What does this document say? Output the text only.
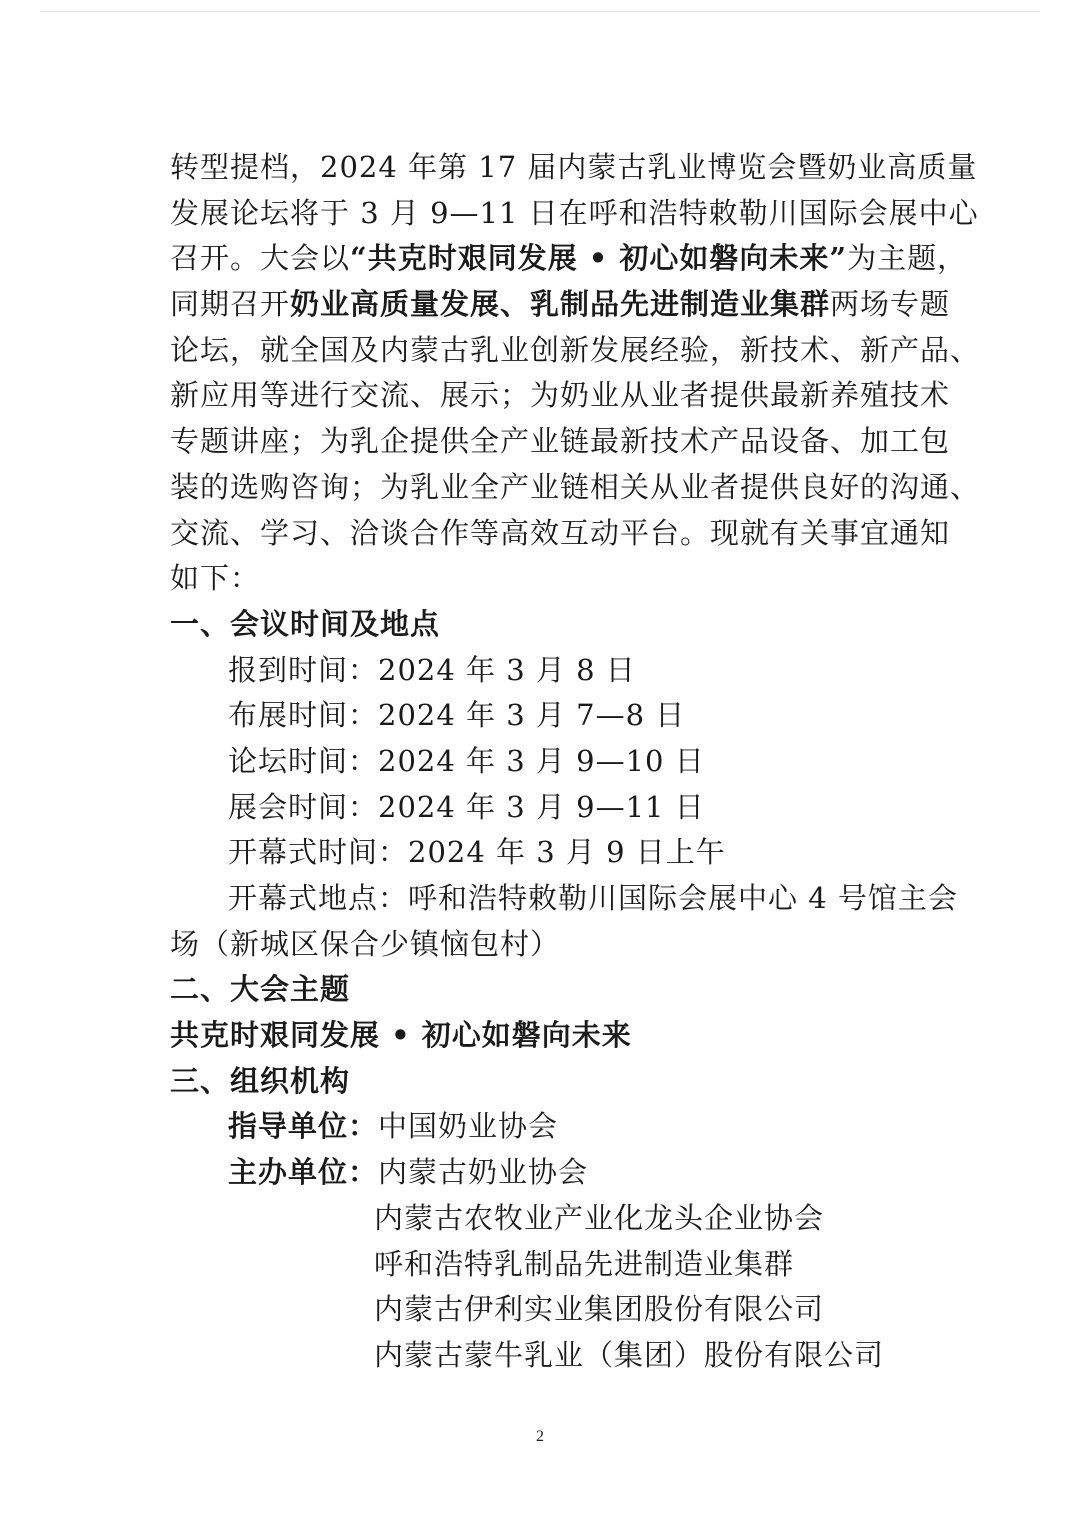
转型提档，2024 年第 17 届内蒙古乳业博览会暨奶业高质量
发展论坛将于 3 月 9—11 日在呼和浩特敕勒川国际会展中心
召开。大会以“共克时艰同发展 • 初心如磐向未来”为主题，
同期召开奶业高质量发展、乳制品先进制造业集群两场专题
论坛，就全国及内蒙古乳业创新发展经验，新技术、新产品、
新应用等进行交流、展示；为奶业从业者提供最新养殖技术
专题讲座；为乳企提供全产业链最新技术产品设备、加工包
装的选购咨询；为乳业全产业链相关从业者提供良好的沟通、
交流、学习、洽谈合作等高效互动平台。现就有关事宜通知
如下：
一、会议时间及地点
报到时间：2024 年 3 月 8 日
布展时间：2024 年 3 月 7—8 日
论坛时间：2024 年 3 月 9—10 日
展会时间：2024 年 3 月 9—11 日
开幕式时间：2024 年 3 月 9 日上午
开幕式地点：呼和浩特敕勒川国际会展中心 4 号馆主会
场（新城区保合少镇恼包村）
二、大会主题
共克时艰同发展 • 初心如磐向未来
三、组织机构
指导单位：中国奶业协会
主办单位：内蒙古奶业协会
内蒙古农牧业产业化龙头企业协会
呼和浩特乳制品先进制造业集群
内蒙古伊利实业集团股份有限公司
内蒙古蒙牛乳业（集团）股份有限公司
2
